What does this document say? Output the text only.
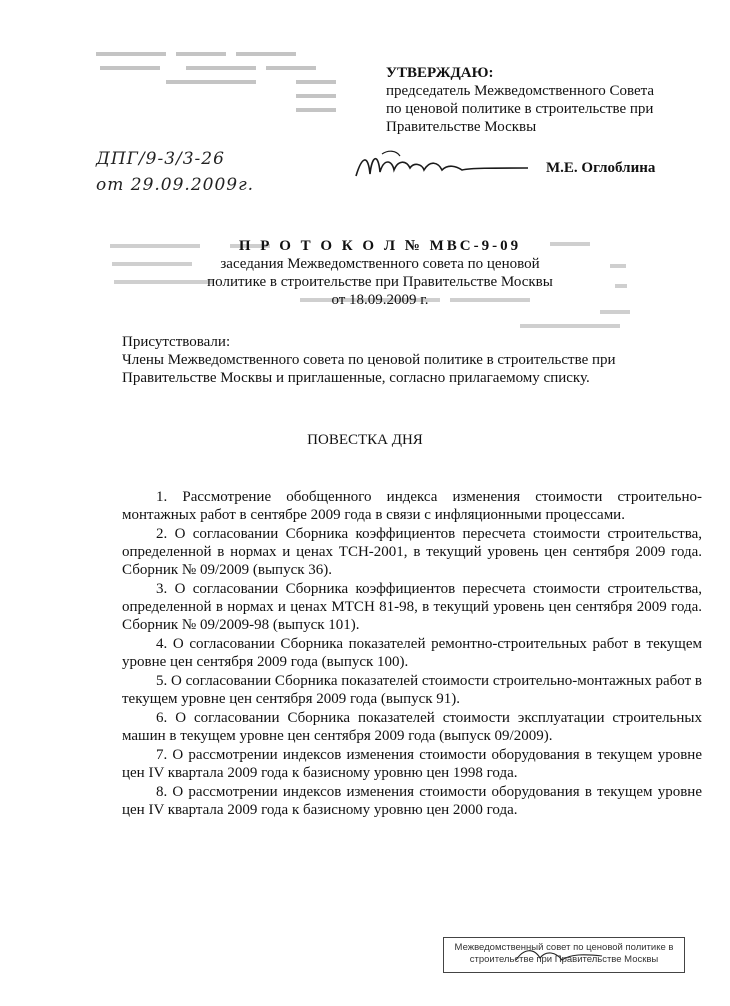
УТВЕРЖДАЮ:
председатель Межведомственного Совета
по ценовой политике в строительстве при
Правительстве Москвы
ДПГ/9-3/3-26
от 29.09.2009г.
М.Е. Оглоблина
П Р О Т О К О Л № МВС-9-09
заседания Межведомственного совета по ценовой
политике в строительстве при Правительстве Москвы
от 18.09.2009 г.
Присутствовали:
Члены Межведомственного совета по ценовой политике в строительстве при Правительстве Москвы и приглашенные, согласно прилагаемому списку.
ПОВЕСТКА ДНЯ
1. Рассмотрение обобщенного индекса изменения стоимости строительно-монтажных работ в сентябре 2009 года в связи с инфляционными процессами.
2. О согласовании Сборника коэффициентов пересчета стоимости строительства, определенной в нормах и ценах ТСН-2001, в текущий уровень цен сентября 2009 года. Сборник № 09/2009 (выпуск 36).
3. О согласовании Сборника коэффициентов пересчета стоимости строительства, определенной в нормах и ценах МТСН 81-98, в текущий уровень цен сентября 2009 года. Сборник № 09/2009-98 (выпуск 101).
4. О согласовании Сборника показателей ремонтно-строительных работ в текущем уровне цен сентября 2009 года (выпуск 100).
5. О согласовании Сборника показателей стоимости строительно-монтажных работ в текущем уровне цен сентября 2009 года (выпуск 91).
6. О согласовании Сборника показателей стоимости эксплуатации строительных машин в текущем уровне цен сентября 2009 года (выпуск 09/2009).
7. О рассмотрении индексов изменения стоимости оборудования в текущем уровне цен IV квартала 2009 года к базисному уровню цен 1998 года.
8. О рассмотрении индексов изменения стоимости оборудования в текущем уровне цен IV квартала 2009 года к базисному уровню цен 2000 года.
Межведомственный совет по ценовой политике в
строительстве при Правительстве Москвы
